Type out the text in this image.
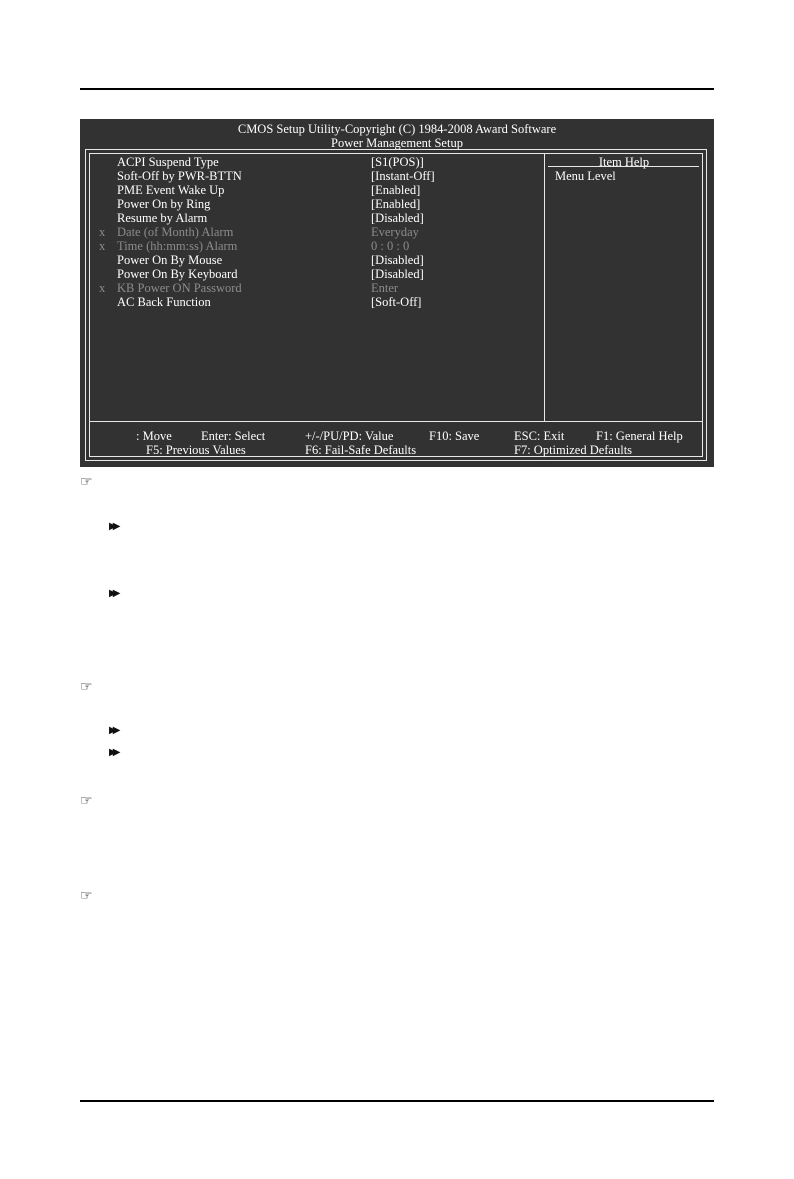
CMOS Setup Utility-Copyright (C) 1984-2008 Award Software
Power Management Setup
ACPI Suspend Type	[S1(POS)]
Soft-Off by PWR-BTTN	[Instant-Off]
PME Event Wake Up	[Enabled]
Power On by Ring	[Enabled]
Resume by Alarm	[Disabled]
x Date (of Month) Alarm	Everyday
x Time (hh:mm:ss) Alarm	0 : 0 : 0
Power On By Mouse	[Disabled]
Power On By Keyboard	[Disabled]
x KB Power ON Password	Enter
AC Back Function	[Soft-Off]
Item Help
Menu Level
: Move Enter: Select	+/-/PU/PD: Value	F10: Save	ESC: Exit	F1: General Help
F5: Previous Values	F6: Fail-Safe Defaults	F7: Optimized Defaults
☞
▶▶
▶▶
☞
▶▶
▶▶
☞
☞
